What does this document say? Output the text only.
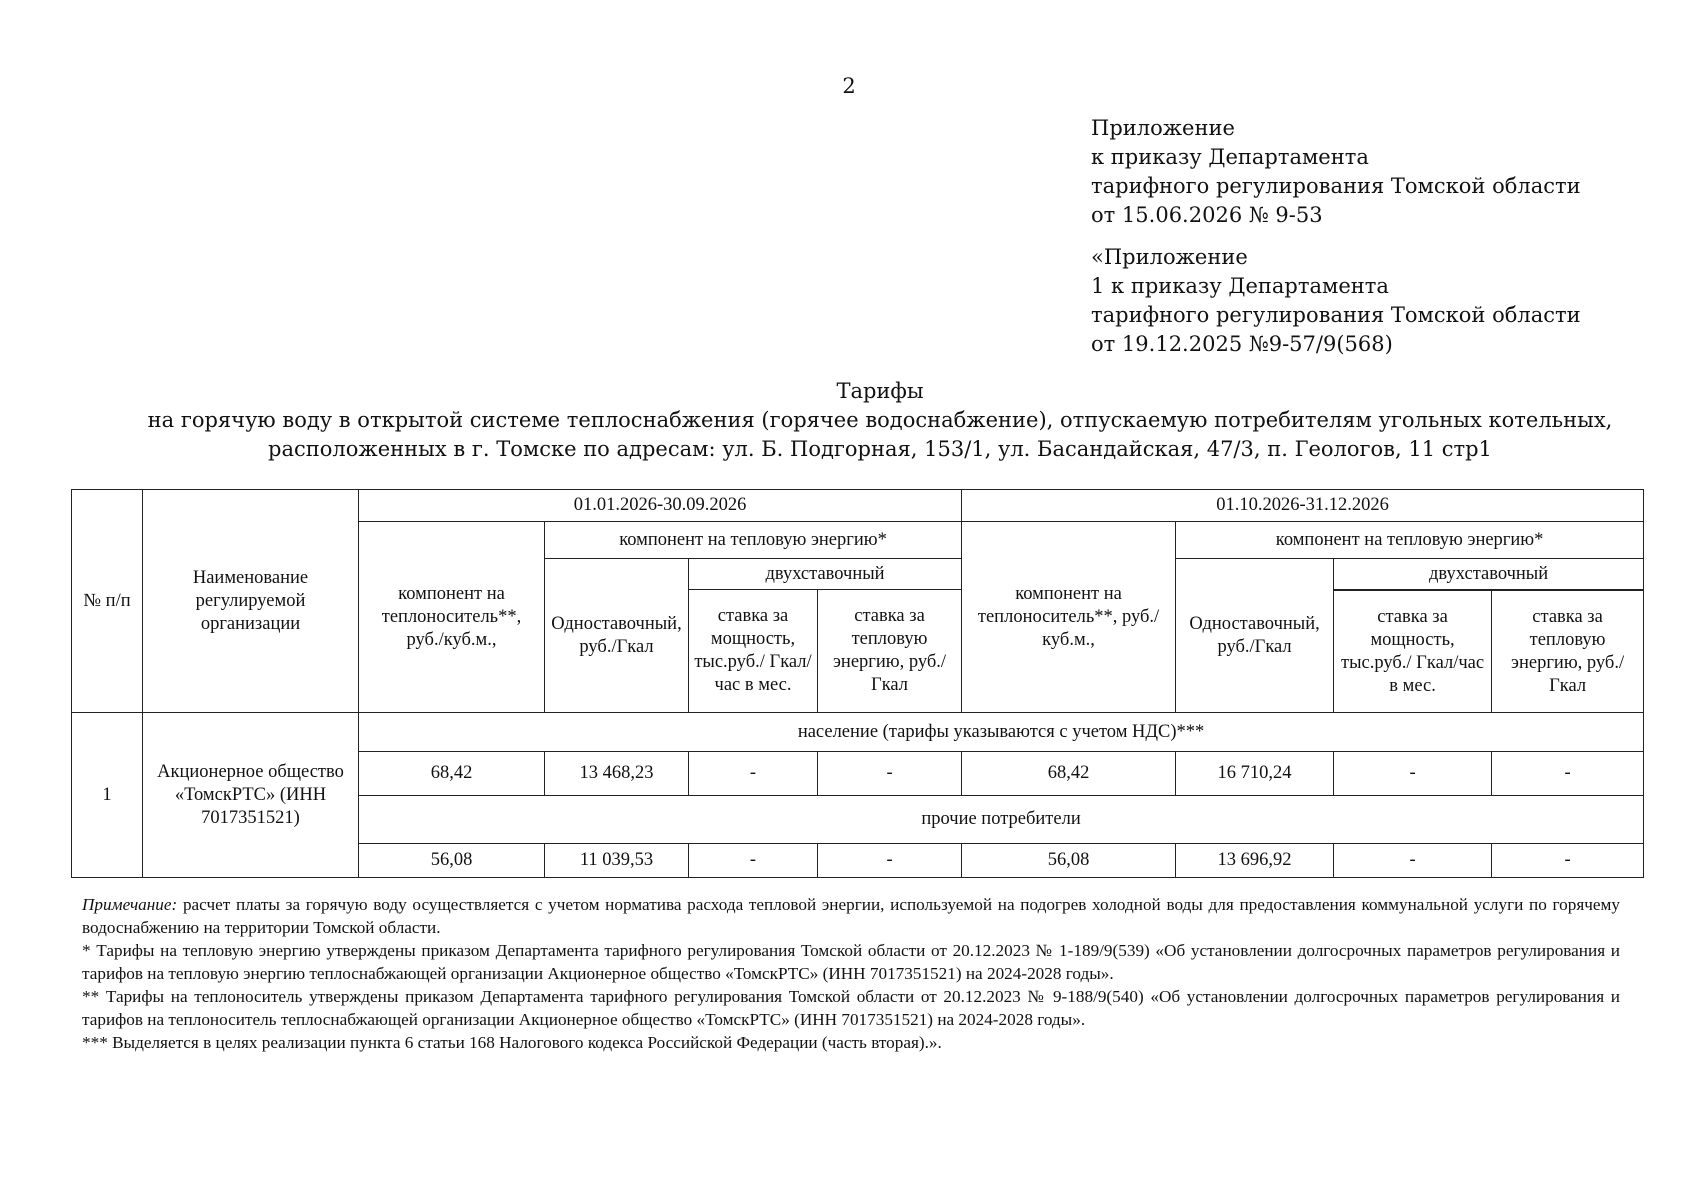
2
Приложение
к приказу Департамента
тарифного регулирования Томской области
от 15.06.2026 № 9-53
«Приложение
1 к приказу Департамента
тарифного регулирования Томской области
от 19.12.2025 №9-57/9(568)
Тарифы
на горячую воду в открытой системе теплоснабжения (горячее водоснабжение), отпускаемую потребителям угольных котельных,
расположенных в г. Томске по адресам: ул. Б. Подгорная, 153/1, ул. Басандайская, 47/3, п. Геологов, 11 стр1
№ п/п	Наименование регулируемой организации	01.01.2026-30.09.2026				01.10.2026-31.12.2026			
		компонент на теплоноситель**, руб./куб.м.,	компонент на тепловую энергию*			компонент на теплоноситель**, руб./куб.м.,	компонент на тепловую энергию*		
			Одноставочный, руб./Гкал	двухставочный			Одноставочный, руб./Гкал	двухставочный	
				ставка за мощность, тыс.руб./ Гкал/час в мес.	ставка за тепловую энергию, руб./Гкал				
								ставка за мощность, тыс.руб./ Гкал/час в мес.	ставка за тепловую энергию, руб./Гкал
1	Акционерное общество «ТомскРТС» (ИНН 7017351521)	население (тарифы указываются с учетом НДС)***							
		68,42	13 468,23	-	-	68,42	16 710,24	-	-
		прочие потребители							
		56,08	11 039,53	-	-	56,08	13 696,92	-	-

Примечание: расчет платы за горячую воду осуществляется с учетом норматива расхода тепловой энергии, используемой на подогрев холодной воды для предоставления коммунальной услуги по горячему водоснабжению на территории Томской области.

* Тарифы на тепловую энергию утверждены приказом Департамента тарифного регулирования Томской области от 20.12.2023 № 1-189/9(539) «Об установлении долгосрочных параметров регулирования и тарифов на тепловую энергию теплоснабжающей организации Акционерное общество «ТомскРТС» (ИНН 7017351521) на 2024-2028 годы».

** Тарифы на теплоноситель утверждены приказом Департамента тарифного регулирования Томской области от 20.12.2023 № 9-188/9(540) «Об установлении долгосрочных параметров регулирования и тарифов на теплоноситель теплоснабжающей организации Акционерное общество «ТомскРТС» (ИНН 7017351521) на 2024-2028 годы».

*** Выделяется в целях реализации пункта 6 статьи 168 Налогового кодекса Российской Федерации (часть вторая).».
